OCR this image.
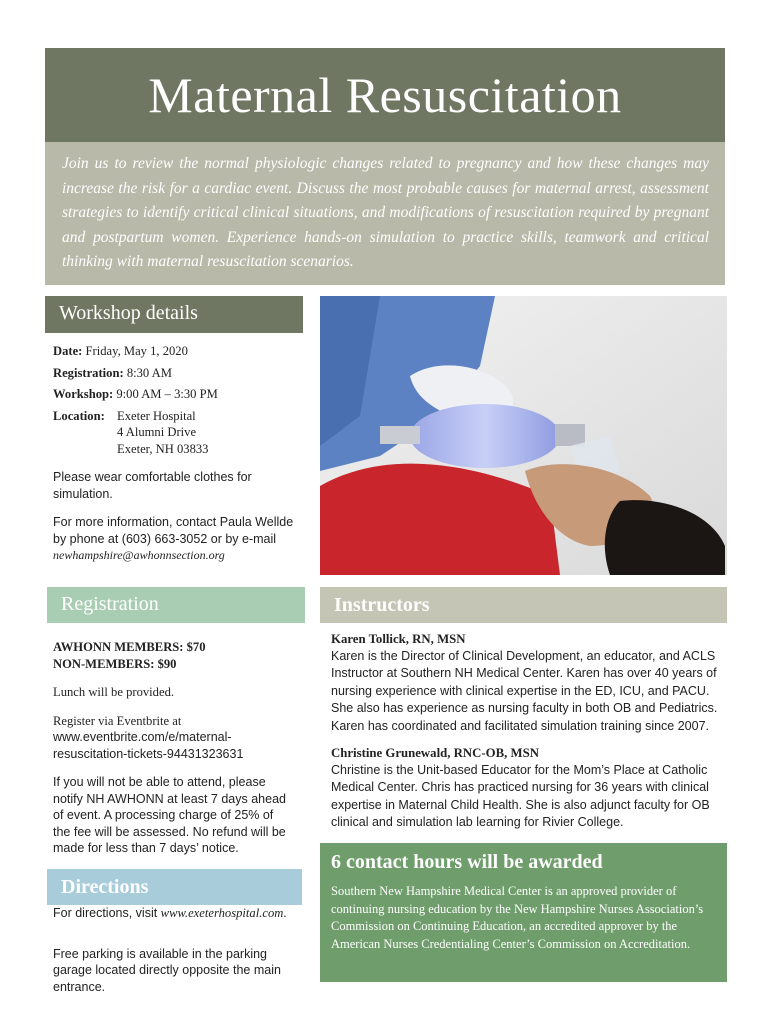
Maternal Resuscitation
Join us to review the normal physiologic changes related to pregnancy and how these changes may increase the risk for a cardiac event. Discuss the most probable causes for maternal arrest, assessment strategies to identify critical clinical situations, and modifications of resuscitation required by pregnant and postpartum women. Experience hands-on simulation to practice skills, teamwork and critical thinking with maternal resuscitation scenarios.
Workshop details
Date: Friday, May 1, 2020
Registration: 8:30 AM
Workshop: 9:00 AM – 3:30 PM
Location: Exeter Hospital
4 Alumni Drive
Exeter, NH 03833
Please wear comfortable clothes for simulation.
For more information, contact Paula Wellde by phone at (603) 663-3052 or by e-mail
newhampshire@awhonnsection.org
Registration
AWHONN MEMBERS: $70
NON-MEMBERS: $90
Lunch will be provided.
Register via Eventbrite at
www.eventbrite.com/e/maternal-
resuscitation-tickets-94431323631
If you will not be able to attend, please notify NH AWHONN at least 7 days ahead of event. A processing charge of 25% of the fee will be assessed. No refund will be made for less than 7 days’ notice.
Directions
For directions, visit www.exeterhospital.com.
Free parking is available in the parking garage located directly opposite the main entrance.
Instructors
Karen Tollick, RN, MSN
Karen is the Director of Clinical Development, an educator, and ACLS Instructor at Southern NH Medical Center. Karen has over 40 years of nursing experience with clinical expertise in the ED, ICU, and PACU. She also has experience as nursing faculty in both OB and Pediatrics. Karen has coordinated and facilitated simulation training since 2007.
Christine Grunewald, RNC-OB, MSN
Christine is the Unit-based Educator for the Mom’s Place at Catholic Medical Center. Chris has practiced nursing for 36 years with clinical expertise in Maternal Child Health. She is also adjunct faculty for OB clinical and simulation lab learning for Rivier College.
6 contact hours will be awarded
Southern New Hampshire Medical Center is an approved provider of continuing nursing education by the New Hampshire Nurses Association’s Commission on Continuing Education, an accredited approver by the American Nurses Credentialing Center’s Commission on Accreditation.
